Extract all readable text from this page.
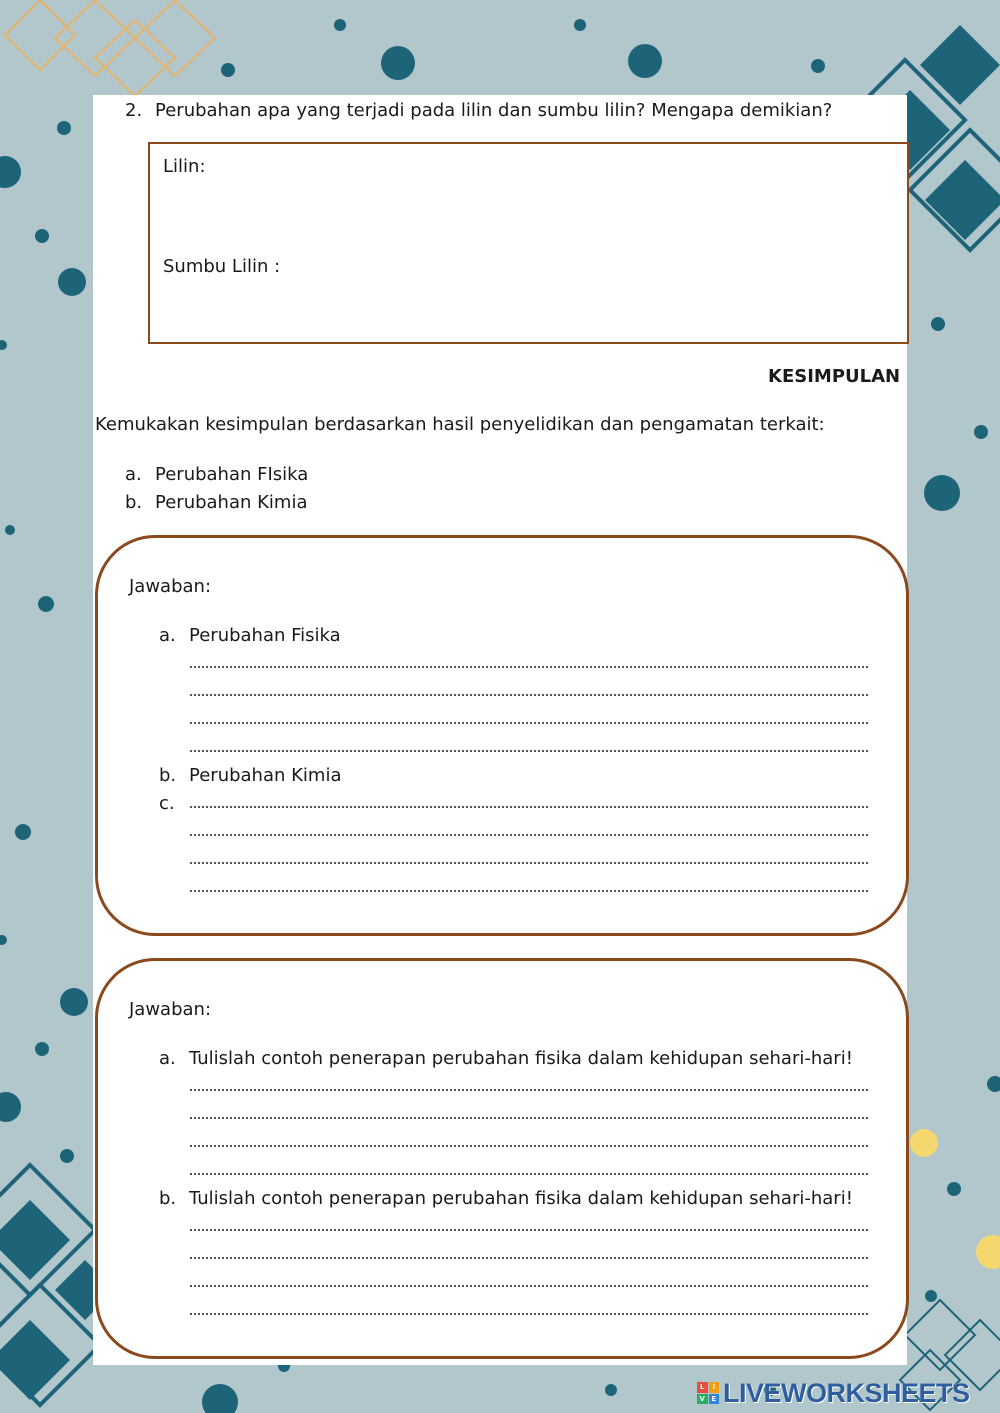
2. Perubahan apa yang terjadi pada lilin dan sumbu lilin? Mengapa demikian?
Lilin:
Sumbu Lilin :
KESIMPULAN
Kemukakan kesimpulan berdasarkan hasil penyelidikan dan pengamatan terkait:
a. Perubahan FIsika
b. Perubahan Kimia
Jawaban:
a. Perubahan Fisika
b. Perubahan Kimia
c.
Jawaban:
a. Tulislah contoh penerapan perubahan fisika dalam kehidupan sehari-hari!
b. Tulislah contoh penerapan perubahan fisika dalam kehidupan sehari-hari!
L	I
V E LIVEWORKSHEETS
